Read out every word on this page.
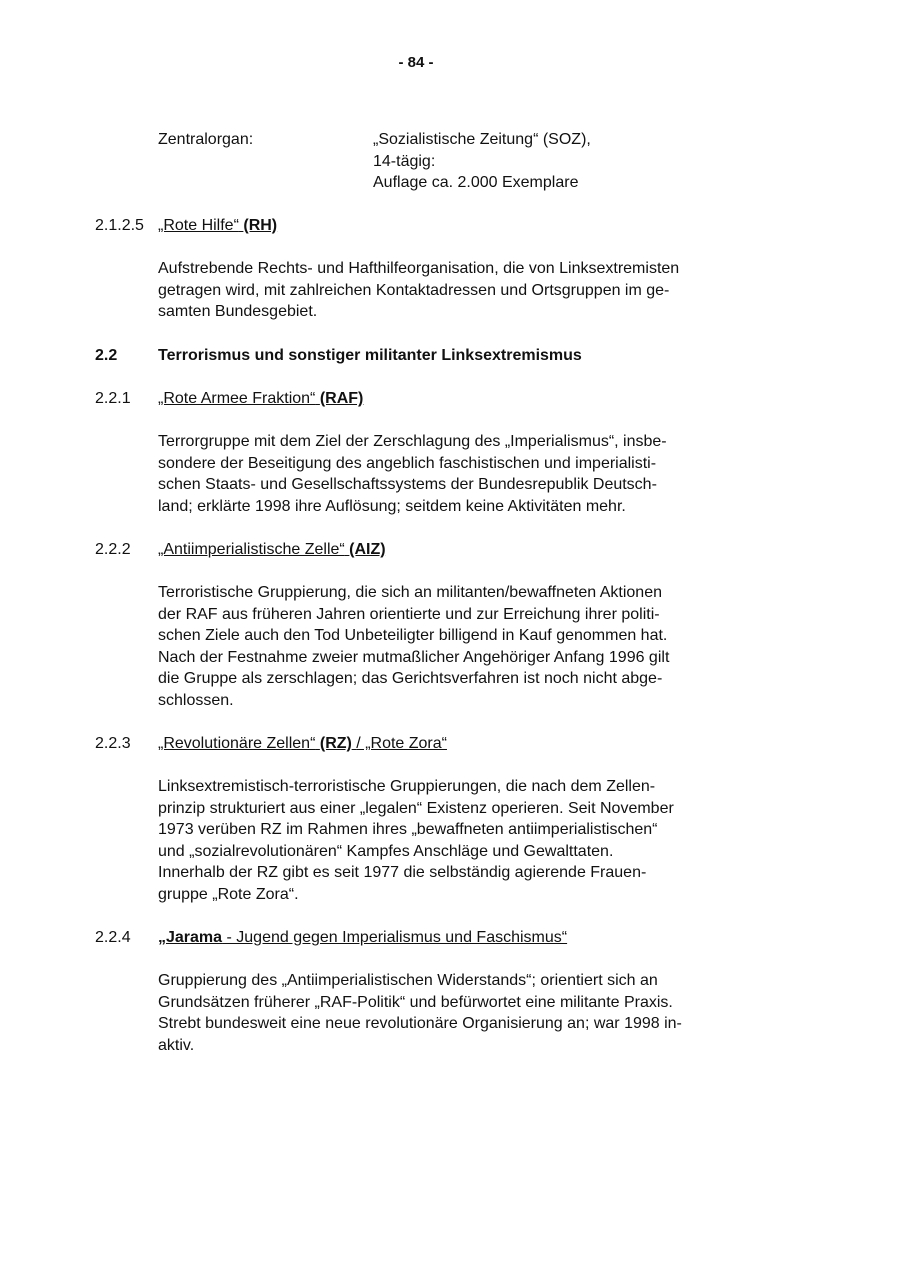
- 84 -
Zentralorgan:	„Sozialistische Zeitung“ (SOZ),
14-tägig:
Auflage ca. 2.000 Exemplare
2.1.2.5 „Rote Hilfe“ (RH)

Aufstrebende Rechts- und Hafthilfeorganisation, die von Linksextremisten
getragen wird, mit zahlreichen Kontaktadressen und Ortsgruppen im ge-
samten Bundesgebiet.

2.2	Terrorismus und sonstiger militanter Linksextremismus
2.2.1 „Rote Armee Fraktion“ (RAF)

Terrorgruppe mit dem Ziel der Zerschlagung des „Imperialismus“, insbe-
sondere der Beseitigung des angeblich faschistischen und imperialisti-
schen Staats- und Gesellschaftssystems der Bundesrepublik Deutsch-
land; erklärte 1998 ihre Auflösung; seitdem keine Aktivitäten mehr.

2.2.2 „Antiimperialistische Zelle“ (AIZ)

Terroristische Gruppierung, die sich an militanten/bewaffneten Aktionen
der RAF aus früheren Jahren orientierte und zur Erreichung ihrer politi-
schen Ziele auch den Tod Unbeteiligter billigend in Kauf genommen hat.
Nach der Festnahme zweier mutmaßlicher Angehöriger Anfang 1996 gilt
die Gruppe als zerschlagen; das Gerichtsverfahren ist noch nicht abge-
schlossen.

2.2.3 „Revolutionäre Zellen“ (RZ) / „Rote Zora“

Linksextremistisch-terroristische Gruppierungen, die nach dem Zellen-
prinzip strukturiert aus einer „legalen“ Existenz operieren. Seit November
1973 verüben RZ im Rahmen ihres „bewaffneten antiimperialistischen“
und „sozialrevolutionären“ Kampfes Anschläge und Gewalttaten.
Innerhalb der RZ gibt es seit 1977 die selbständig agierende Frauen-
gruppe „Rote Zora“.

2.2.4 „Jarama - Jugend gegen Imperialismus und Faschismus“

Gruppierung des „Antiimperialistischen Widerstands“; orientiert sich an
Grundsätzen früherer „RAF-Politik“ und befürwortet eine militante Praxis.
Strebt bundesweit eine neue revolutionäre Organisierung an; war 1998 in-
aktiv.
